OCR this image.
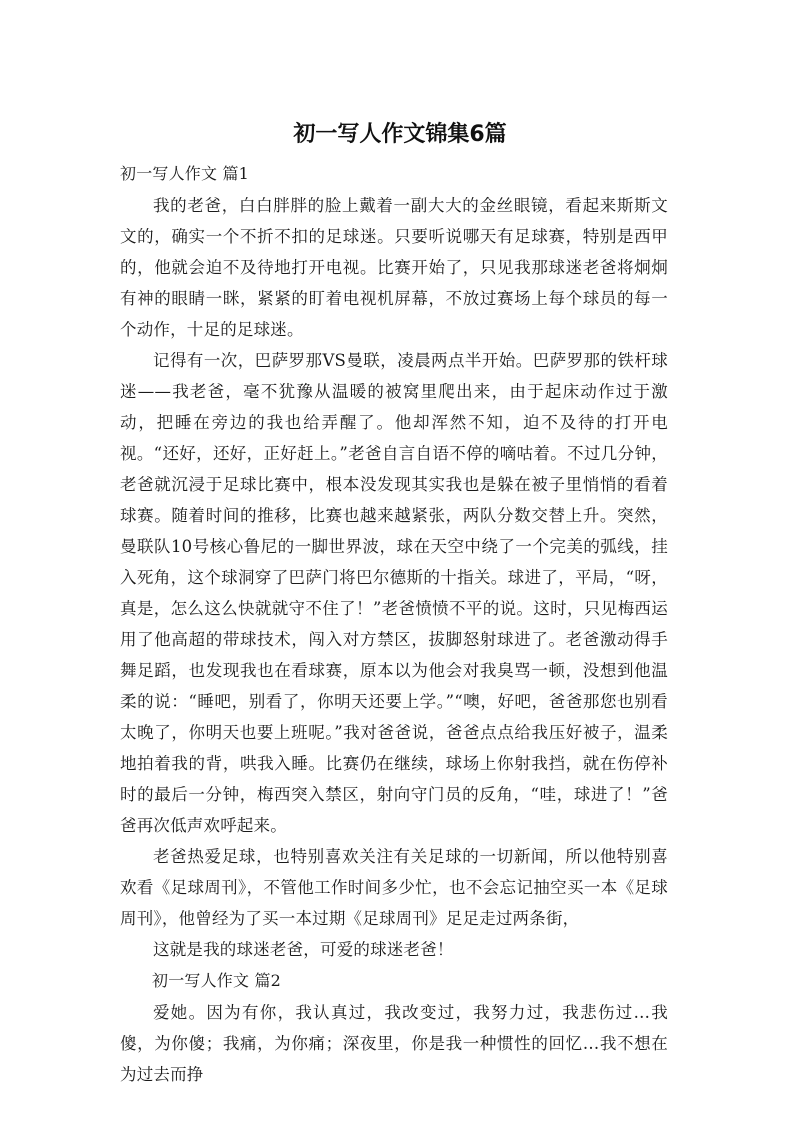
初一写人作文锦集6篇
初一写人作文 篇1

我的老爸，白白胖胖的脸上戴着一副大大的金丝眼镜，看起来斯斯文文的，确实一个不折不扣的足球迷。只要听说哪天有足球赛，特别是西甲的，他就会迫不及待地打开电视。比赛开始了，只见我那球迷老爸将炯炯有神的眼睛一眯，紧紧的盯着电视机屏幕，不放过赛场上每个球员的每一个动作，十足的足球迷。

记得有一次，巴萨罗那VS曼联，凌晨两点半开始。巴萨罗那的铁杆球迷——我老爸，毫不犹豫从温暖的被窝里爬出来，由于起床动作过于激动，把睡在旁边的我也给弄醒了。他却浑然不知，迫不及待的打开电视。“还好，还好，正好赶上。”老爸自言自语不停的嘀咕着。不过几分钟，老爸就沉浸于足球比赛中，根本没发现其实我也是躲在被子里悄悄的看着球赛。随着时间的推移，比赛也越来越紧张，两队分数交替上升。突然，曼联队10号核心鲁尼的一脚世界波，球在天空中绕了一个完美的弧线，挂入死角，这个球洞穿了巴萨门将巴尔德斯的十指关。球进了，平局，“呀，真是，怎么这么快就就守不住了！”老爸愤愤不平的说。这时，只见梅西运用了他高超的带球技术，闯入对方禁区，拔脚怒射球进了。老爸激动得手舞足蹈，也发现我也在看球赛，原本以为他会对我臭骂一顿，没想到他温柔的说：“睡吧，别看了，你明天还要上学。”“噢，好吧，爸爸那您也别看太晚了，你明天也要上班呢。”我对爸爸说，爸爸点点给我压好被子，温柔地拍着我的背，哄我入睡。比赛仍在继续，球场上你射我挡，就在伤停补时的最后一分钟，梅西突入禁区，射向守门员的反角，“哇，球进了！”爸爸再次低声欢呼起来。

老爸热爱足球，也特别喜欢关注有关足球的一切新闻，所以他特别喜欢看《足球周刊》，不管他工作时间多少忙，也不会忘记抽空买一本《足球周刊》，他曾经为了买一本过期《足球周刊》足足走过两条街，

这就是我的球迷老爸，可爱的球迷老爸！

初一写人作文 篇2

爱她。因为有你，我认真过，我改变过，我努力过，我悲伤过…我傻，为你傻；我痛，为你痛；深夜里，你是我一种惯性的回忆…我不想在为过去而挣
